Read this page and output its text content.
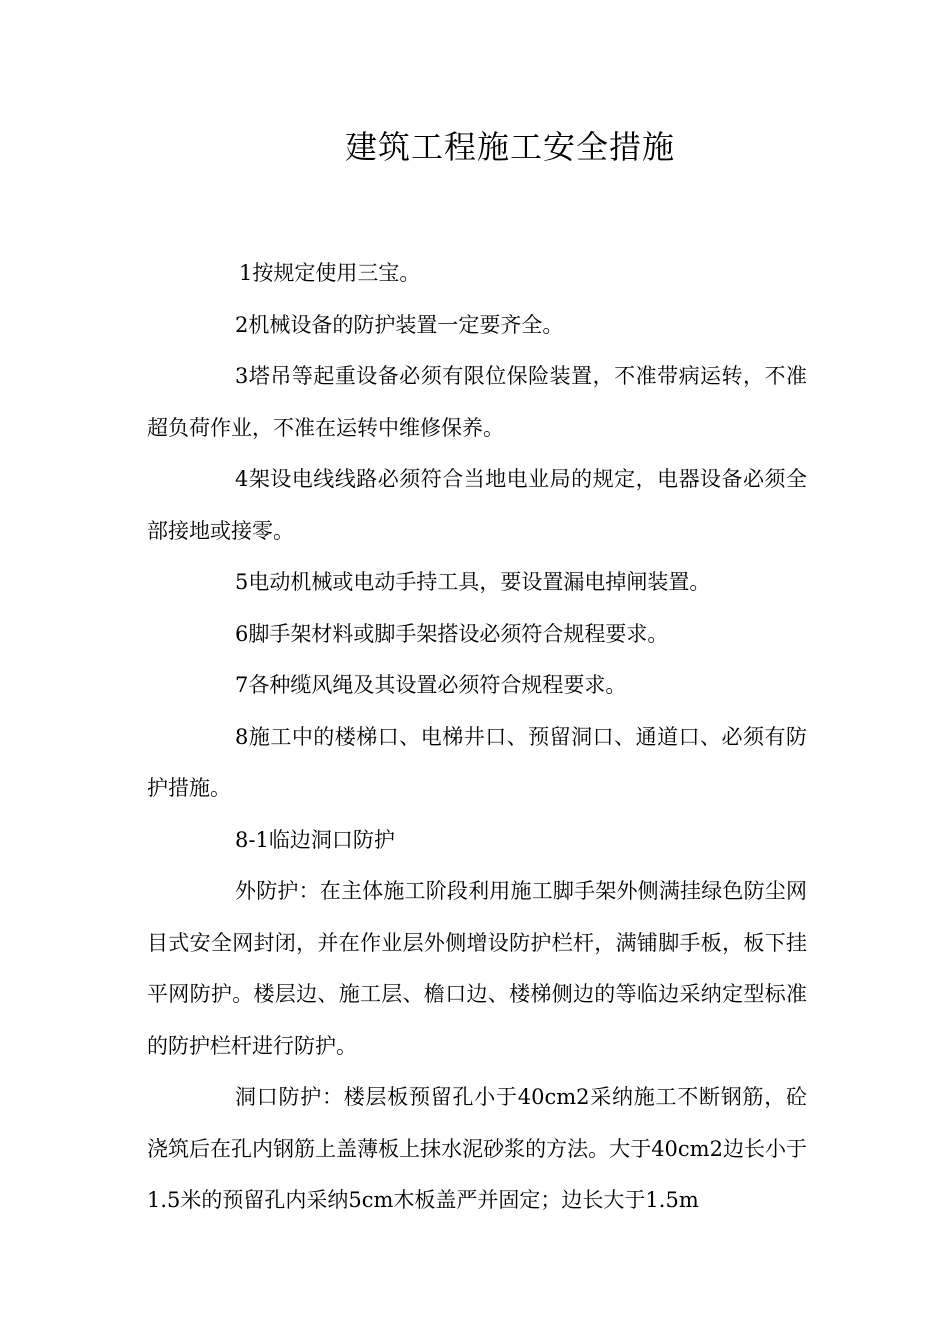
建筑工程施工安全措施

1按规定使用三宝。

2机械设备的防护装置一定要齐全。

3塔吊等起重设备必须有限位保险装置，不准带病运转，不准超负荷作业，不准在运转中维修保养。

4架设电线线路必须符合当地电业局的规定，电器设备必须全部接地或接零。

5电动机械或电动手持工具，要设置漏电掉闸装置。

6脚手架材料或脚手架搭设必须符合规程要求。

7各种缆风绳及其设置必须符合规程要求。

8施工中的楼梯口、电梯井口、预留洞口、通道口、必须有防护措施。

8-1临边洞口防护

外防护：在主体施工阶段利用施工脚手架外侧满挂绿色防尘网目式安全网封闭，并在作业层外侧增设防护栏杆，满铺脚手板，板下挂平网防护。楼层边、施工层、檐口边、楼梯侧边的等临边采纳定型标准的防护栏杆进行防护。

洞口防护：楼层板预留孔小于40cm2采纳施工不断钢筋，砼浇筑后在孔内钢筋上盖薄板上抹水泥砂浆的方法。大于40cm2边长小于1.5米的预留孔内采纳5cm木板盖严并固定；边长大于1.5m
